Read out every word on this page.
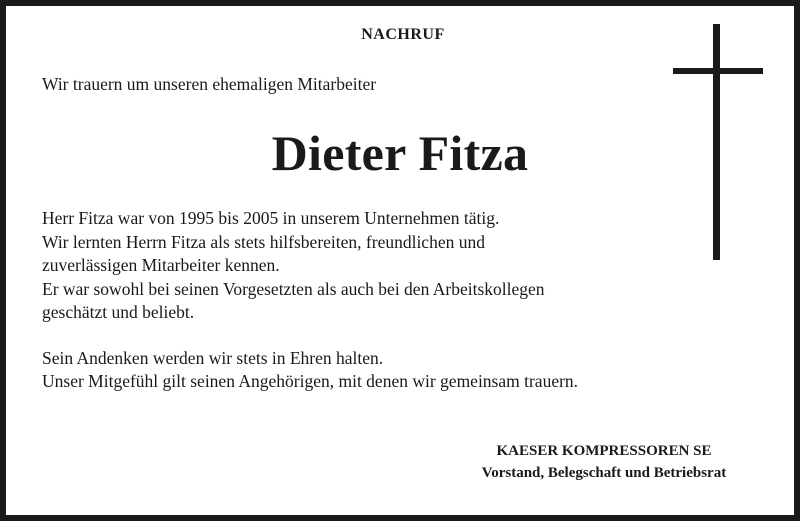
NACHRUF
Wir trauern um unseren ehemaligen Mitarbeiter
Dieter Fitza
Herr Fitza war von 1995 bis 2005 in unserem Unternehmen tätig.
Wir lernten Herrn Fitza als stets hilfsbereiten, freundlichen und
zuverlässigen Mitarbeiter kennen.
Er war sowohl bei seinen Vorgesetzten als auch bei den Arbeitskollegen
geschätzt und beliebt.
Sein Andenken werden wir stets in Ehren halten.
Unser Mitgefühl gilt seinen Angehörigen, mit denen wir gemeinsam trauern.
KAESER KOMPRESSOREN SE
Vorstand, Belegschaft und Betriebsrat
